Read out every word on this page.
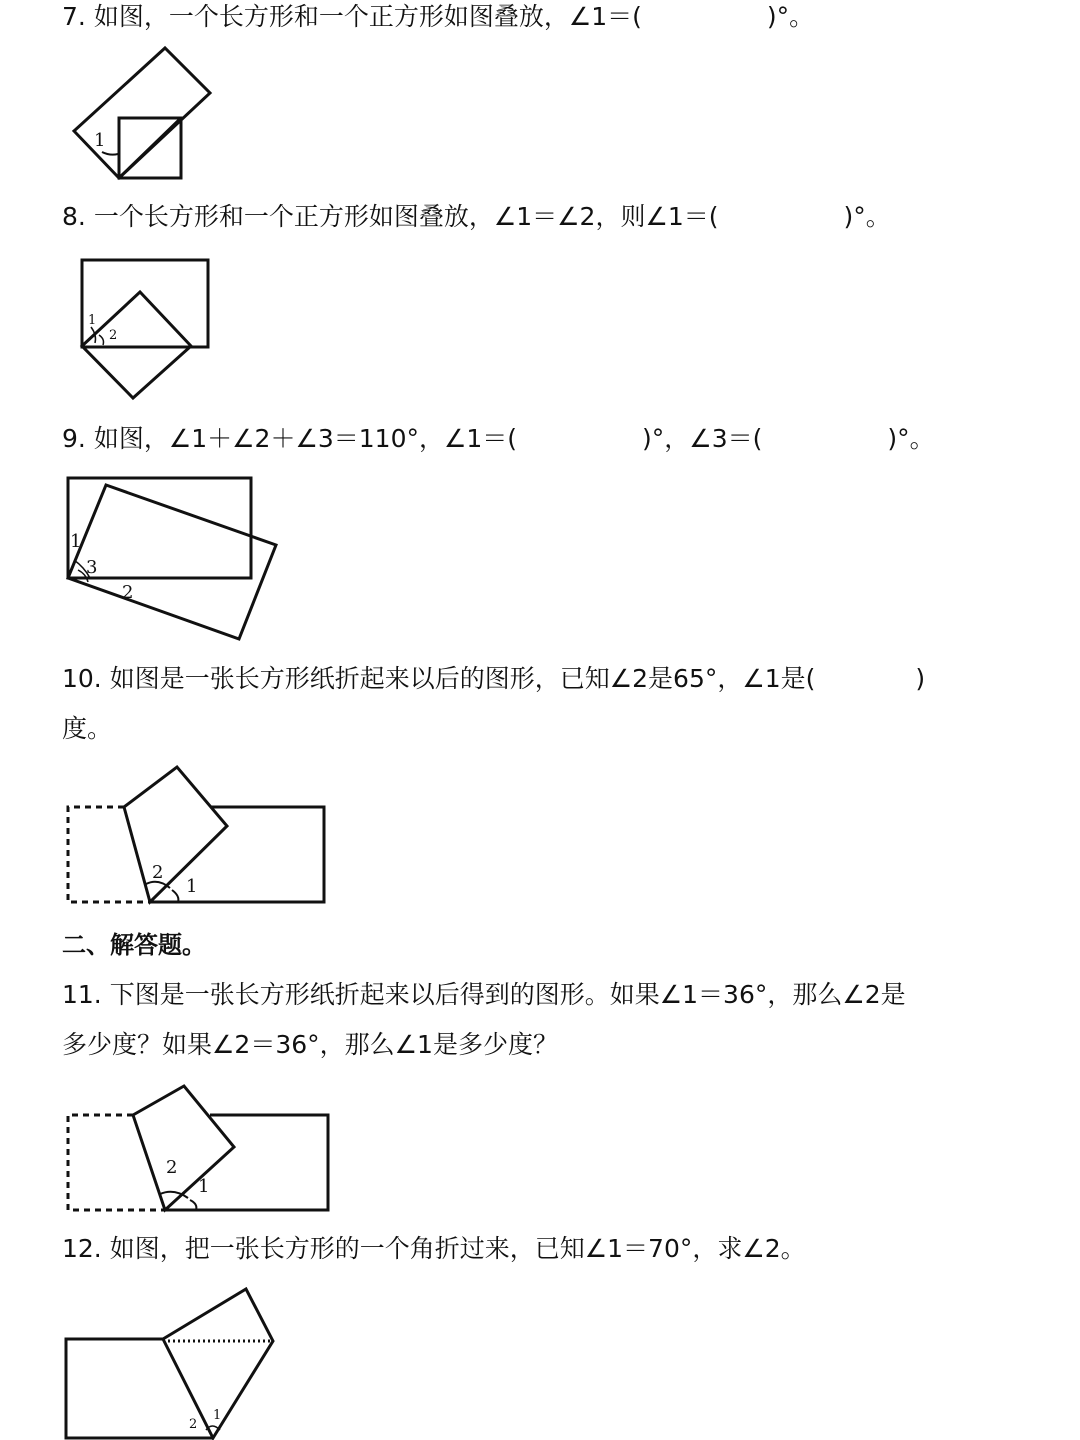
7. 如图，一个长方形和一个正方形如图叠放，∠1＝(　　　　　)°。
1
8. 一个长方形和一个正方形如图叠放，∠1＝∠2，则∠1＝(　　　　　)°。
1
2
9. 如图，∠1＋∠2＋∠3＝110°，∠1＝(　　　　　)°，∠3＝(　　　　　)°。
1
3
2
10. 如图是一张长方形纸折起来以后的图形，已知∠2是65°，∠1是(　　　　)
度。
2
1
二、解答题。
11. 下图是一张长方形纸折起来以后得到的图形。如果∠1＝36°，那么∠2是
多少度？如果∠2＝36°，那么∠1是多少度？
2
1
12. 如图，把一张长方形的一个角折过来，已知∠1＝70°，求∠2。
2
1
